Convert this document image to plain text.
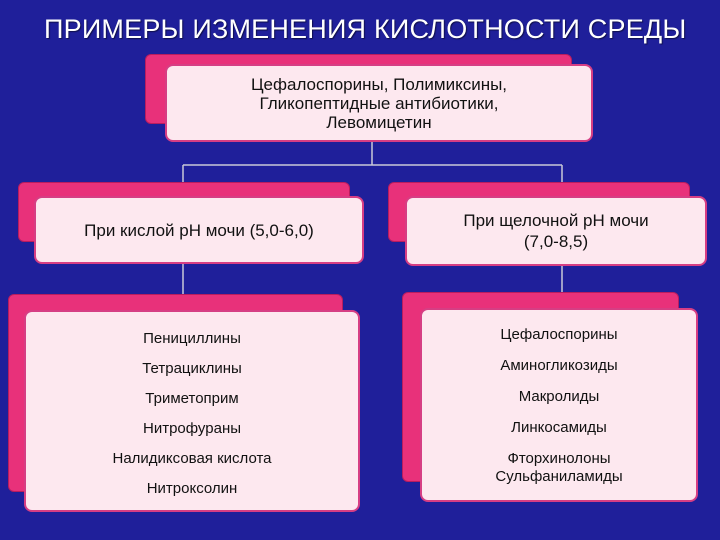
ПРИМЕРЫ ИЗМЕНЕНИЯ КИСЛОТНОСТИ СРЕДЫ
Цефалоспорины, Полимиксины,
Гликопептидные антибиотики,
Левомицетин
При кислой рН мочи (5,0-6,0)	При щелочной рН мочи
(7,0-8,5)
Пенициллины
Тетрациклины
Триметоприм
Нитрофураны
Налидиксовая кислота
Нитроксолин
Цефалоспорины
Аминогликозиды
Макролиды
Линкосамиды
Фторхинолоны
Сульфаниламиды
